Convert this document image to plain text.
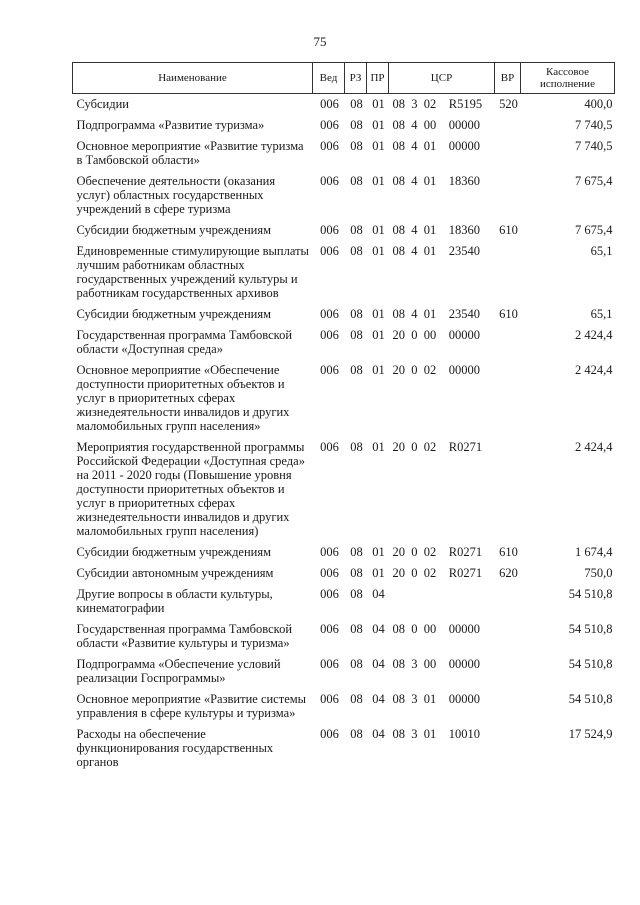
75
Наименование	Вед	РЗ	ПР	ЦСР	ВР	Кассовое исполнение
Субсидии	006	08	01	08  3  02    R5195	520	400,0
Подпрограмма «Развитие туризма»	006	08	01	08  4  00    00000		7 740,5
Основное мероприятие «Развитие туризма в Тамбовской области»	006	08	01	08  4  01    00000		7 740,5
Обеспечение деятельности (оказания услуг) областных государственных учреждений в сфере туризма	006	08	01	08  4  01    18360		7 675,4
Субсидии бюджетным учреждениям	006	08	01	08  4  01    18360	610	7 675,4
Единовременные стимулирующие выплаты лучшим работникам областных государственных учреждений культуры и работникам государственных архивов	006	08	01	08  4  01    23540		65,1
Субсидии бюджетным учреждениям	006	08	01	08  4  01    23540	610	65,1
Государственная программа Тамбовской области «Доступная среда»	006	08	01	20  0  00    00000		2 424,4
Основное мероприятие «Обеспечение доступности приоритетных объектов и услуг в приоритетных сферах жизнедеятельности инвалидов и других маломобильных групп населения»	006	08	01	20  0  02    00000		2 424,4
Мероприятия государственной программы Российской Федерации «Доступная среда» на 2011 - 2020 годы (Повышение уровня доступности приоритетных объектов и услуг в приоритетных сферах жизнедеятельности инвалидов и других маломобильных групп населения)	006	08	01	20  0  02    R0271		2 424,4
Субсидии бюджетным учреждениям	006	08	01	20  0  02    R0271	610	1 674,4
Субсидии автономным учреждениям	006	08	01	20  0  02    R0271	620	750,0
Другие вопросы в области культуры, кинематографии	006	08	04			54 510,8
Государственная программа Тамбовской области «Развитие культуры и туризма»	006	08	04	08  0  00    00000		54 510,8
Подпрограмма «Обеспечение условий реализации Госпрограммы»	006	08	04	08  3  00    00000		54 510,8
Основное мероприятие «Развитие системы управления в сфере культуры и туризма»	006	08	04	08  3  01    00000		54 510,8
Расходы на обеспечение функционирования государственных органов	006	08	04	08  3  01    10010		17 524,9
